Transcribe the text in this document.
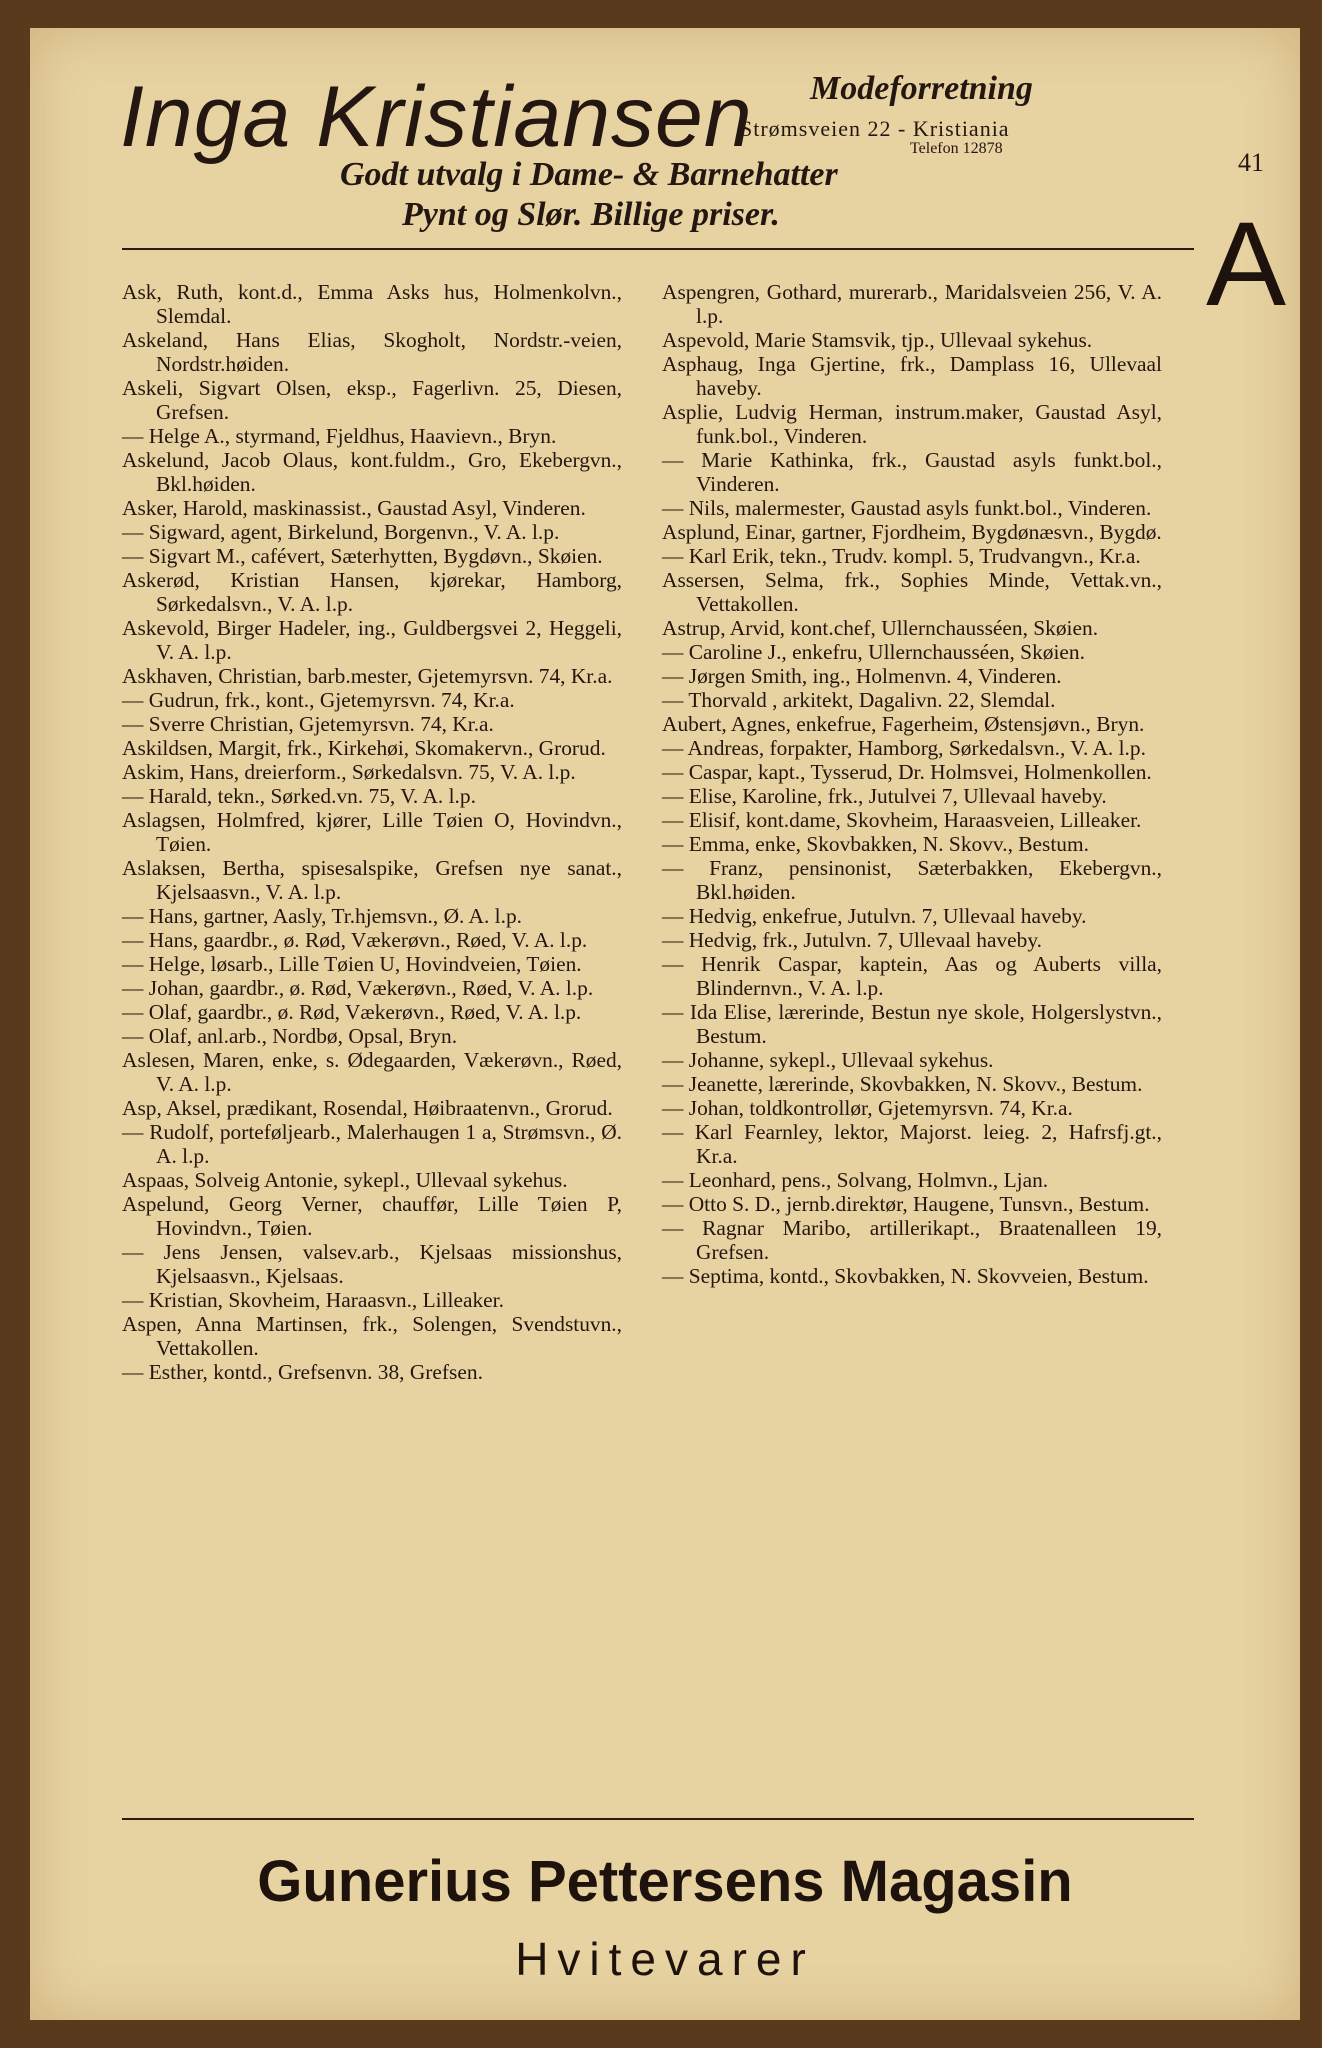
Inga Kristiansen Modeforretning
Strømsveien 22 - Kristiania
Telefon 12878
Godt utvalg i Dame- & Barnehatter
Pynt og Slør. Billige priser.
41
A

Ask, Ruth, kont.d., Emma Asks hus, Holmenkolvn., Slemdal.

Askeland, Hans Elias, Skogholt, Nordstr.-veien, Nordstr.høiden.

Askeli, Sigvart Olsen, eksp., Fagerlivn. 25, Diesen, Grefsen.

— Helge A., styrmand, Fjeldhus, Haavievn., Bryn.

Askelund, Jacob Olaus, kont.fuldm., Gro, Ekebergvn., Bkl.høiden.

Asker, Harold, maskinassist., Gaustad Asyl, Vinderen.

— Sigward, agent, Birkelund, Borgenvn., V. A. l.p.

— Sigvart M., cafévert, Sæterhytten, Bygdøvn., Skøien.

Askerød, Kristian Hansen, kjørekar, Hamborg, Sørkedalsvn., V. A. l.p.

Askevold, Birger Hadeler, ing., Guldbergsvei 2, Heggeli, V. A. l.p.

Askhaven, Christian, barb.mester, Gjetemyrsvn. 74, Kr.a.

— Gudrun, frk., kont., Gjetemyrsvn. 74, Kr.a.

— Sverre Christian, Gjetemyrsvn. 74, Kr.a.

Askildsen, Margit, frk., Kirkehøi, Skomakervn., Grorud.

Askim, Hans, dreierform., Sørkedalsvn. 75, V. A. l.p.

— Harald, tekn., Sørked.vn. 75, V. A. l.p.

Aslagsen, Holmfred, kjører, Lille Tøien O, Hovindvn., Tøien.

Aslaksen, Bertha, spisesalspike, Grefsen nye sanat., Kjelsaasvn., V. A. l.p.

— Hans, gartner, Aasly, Tr.hjemsvn., Ø. A. l.p.

— Hans, gaardbr., ø. Rød, Vækerøvn., Røed, V. A. l.p.

— Helge, løsarb., Lille Tøien U, Hovindveien, Tøien.

— Johan, gaardbr., ø. Rød, Vækerøvn., Røed, V. A. l.p.

— Olaf, gaardbr., ø. Rød, Vækerøvn., Røed, V. A. l.p.

— Olaf, anl.arb., Nordbø, Opsal, Bryn.

Aslesen, Maren, enke, s. Ødegaarden, Vækerøvn., Røed, V. A. l.p.

Asp, Aksel, prædikant, Rosendal, Høibraatenvn., Grorud.

— Rudolf, porteføljearb., Malerhaugen 1 a, Strømsvn., Ø. A. l.p.

Aspaas, Solveig Antonie, sykepl., Ullevaal sykehus.

Aspelund, Georg Verner, chauffør, Lille Tøien P, Hovindvn., Tøien.

— Jens Jensen, valsev.arb., Kjelsaas missionshus, Kjelsaasvn., Kjelsaas.

— Kristian, Skovheim, Haraasvn., Lilleaker.

Aspen, Anna Martinsen, frk., Solengen, Svendstuvn., Vettakollen.

— Esther, kontd., Grefsenvn. 38, Grefsen.

Aspengren, Gothard, murerarb., Maridalsveien 256, V. A. l.p.

Aspevold, Marie Stamsvik, tjp., Ullevaal sykehus.

Asphaug, Inga Gjertine, frk., Damplass 16, Ullevaal haveby.

Asplie, Ludvig Herman, instrum.maker, Gaustad Asyl, funk.bol., Vinderen.

— Marie Kathinka, frk., Gaustad asyls funkt.bol., Vinderen.

— Nils, malermester, Gaustad asyls funkt.bol., Vinderen.

Asplund, Einar, gartner, Fjordheim, Bygdønæsvn., Bygdø.

— Karl Erik, tekn., Trudv. kompl. 5, Trudvangvn., Kr.a.

Assersen, Selma, frk., Sophies Minde, Vettak.vn., Vettakollen.

Astrup, Arvid, kont.chef, Ullernchausséen, Skøien.

— Caroline J., enkefru, Ullernchausséen, Skøien.

— Jørgen Smith, ing., Holmenvn. 4, Vinderen.

— Thorvald , arkitekt, Dagalivn. 22, Slemdal.

Aubert, Agnes, enkefrue, Fagerheim, Østensjøvn., Bryn.

— Andreas, forpakter, Hamborg, Sørkedalsvn., V. A. l.p.

— Caspar, kapt., Tysserud, Dr. Holmsvei, Holmenkollen.

— Elise, Karoline, frk., Jutulvei 7, Ullevaal haveby.

— Elisif, kont.dame, Skovheim, Haraasveien, Lilleaker.

— Emma, enke, Skovbakken, N. Skovv., Bestum.

— Franz, pensinonist, Sæterbakken, Ekebergvn., Bkl.høiden.

— Hedvig, enkefrue, Jutulvn. 7, Ullevaal haveby.

— Hedvig, frk., Jutulvn. 7, Ullevaal haveby.

— Henrik Caspar, kaptein, Aas og Auberts villa, Blindernvn., V. A. l.p.

— Ida Elise, lærerinde, Bestun nye skole, Holgerslystvn., Bestum.

— Johanne, sykepl., Ullevaal sykehus.

— Jeanette, lærerinde, Skovbakken, N. Skovv., Bestum.

— Johan, toldkontrollør, Gjetemyrsvn. 74, Kr.a.

— Karl Fearnley, lektor, Majorst. leieg. 2, Hafrsfj.gt., Kr.a.

— Leonhard, pens., Solvang, Holmvn., Ljan.

— Otto S. D., jernb.direktør, Haugene, Tunsvn., Bestum.

— Ragnar Maribo, artillerikapt., Braatenalleen 19, Grefsen.

— Septima, kontd., Skovbakken, N. Skovveien, Bestum.

Gunerius Pettersens Magasin
Hvitevarer
